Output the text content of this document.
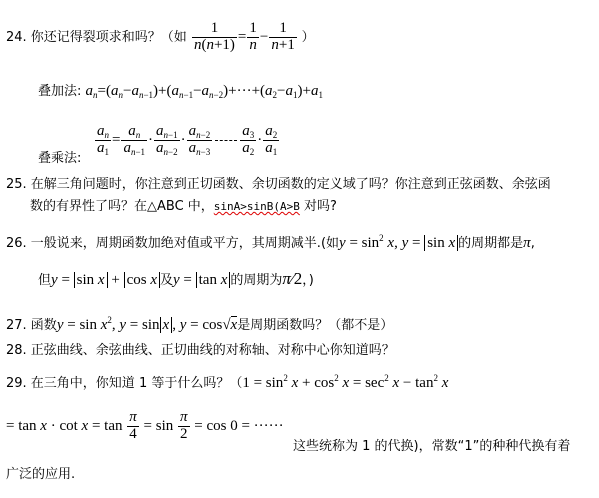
24. 你还记得裂项求和吗？（如 $\frac{1}{n(n+1)} = \frac{1}{n} - \frac{1}{n+1}$ ）
叠加法: $a_n=(a_n-a_{n-1})+(a_{n-1}-a_{n-2})+\cdot\cdot\cdot+(a_2-a_1)+a_1$
$\frac{a_n}{a_1} = \frac{a_n}{a_{n-1}} \cdot \frac{a_{n-1}}{a_{n-2}} \cdot \frac{a_{n-2}}{a_{n-3}} \frac{a_3}{a_2} \cdot \frac{a_2}{a_1}$
叠乘法:
25. 在解三角问题时，你注意到正切函数、余切函数的定义域了吗？你注意到正弦函数、余弦函
数的有界性了吗？在△ABC 中，sinA>sinB(A>B 对吗?
26. 一般说来，周期函数加绝对值或平方，其周期减半.(如$y = \sin^2 x$, y = sin x 的周期都是π,
但y = sin x + cos x 及y = tan x 的周期为π⁄2，)
27. 函数$y = \sin x^2$, y = sin x , y = cos√x是周期函数吗？（都不是）
28. 正弦曲线、余弦曲线、正切曲线的对称轴、对称中心你知道吗？
29. 在三角中，你知道 1 等于什么吗？（$1 = \sin^2 x + \cos^2 x = \sec^2 x - \tan^2 x$
= $\tan x \cdot \cot x = \tan \frac{\pi}{4} = \sin \frac{\pi}{2} = \cos 0$ = ······
这些统称为 1 的代换)，常数“1”的种种代换有着
广泛的应用.
